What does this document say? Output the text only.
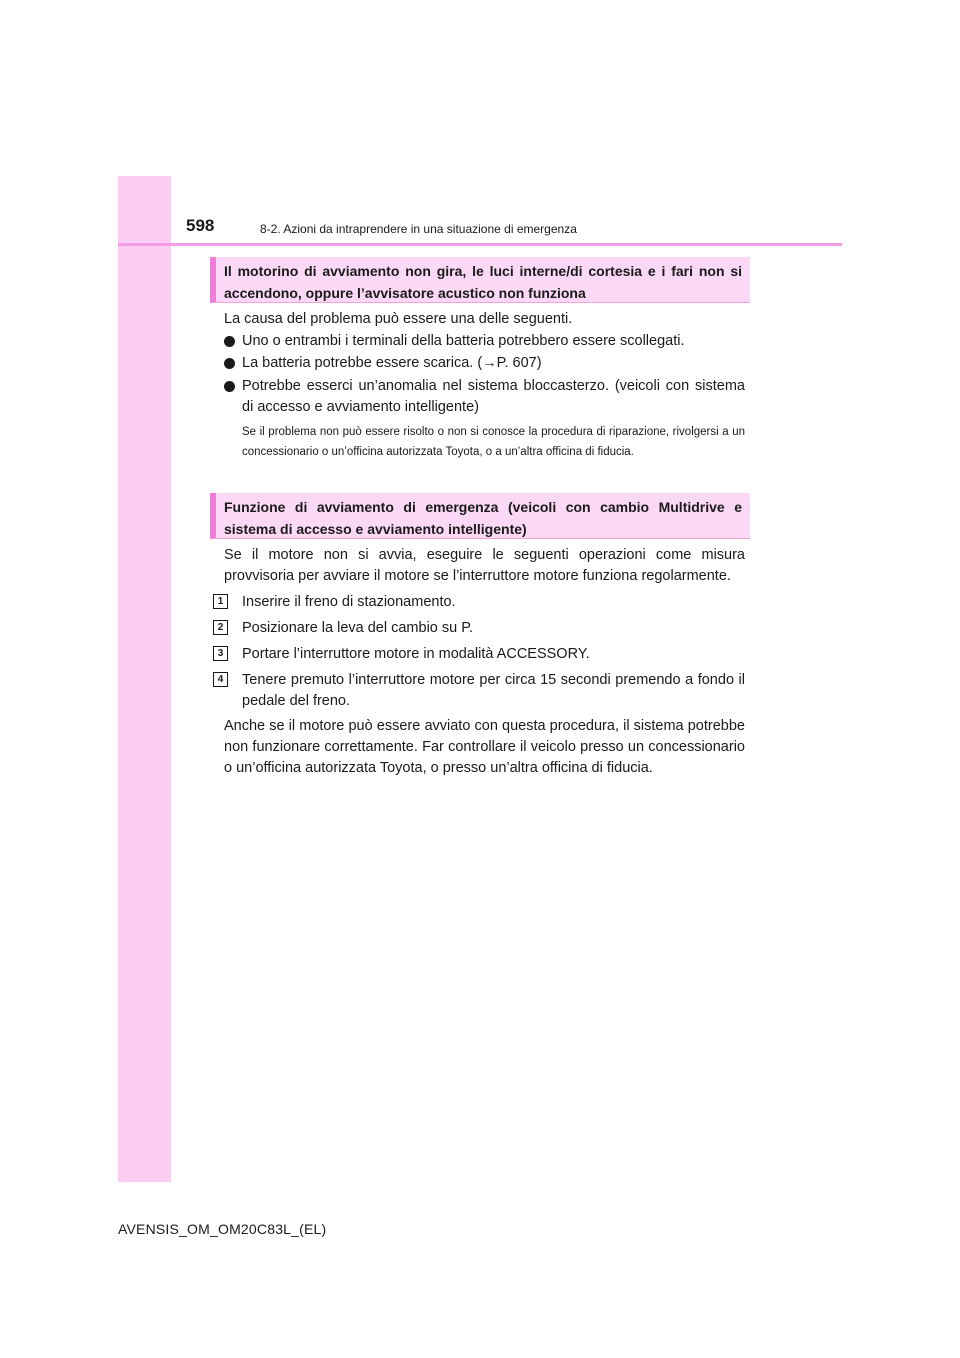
598	8-2. Azioni da intraprendere in una situazione di emergenza
Il motorino di avviamento non gira, le luci interne/di cortesia e i fari non si accendono, oppure l’avvisatore acustico non funziona
La causa del problema può essere una delle seguenti.
Uno o entrambi i terminali della batteria potrebbero essere scollegati.
La batteria potrebbe essere scarica. (→P. 607)
Potrebbe esserci un’anomalia nel sistema bloccasterzo. (veicoli con sistema di accesso e avviamento intelligente)
Se il problema non può essere risolto o non si conosce la procedura di riparazione, rivolgersi a un concessionario o un’officina autorizzata Toyota, o a un’altra officina di fiducia.
Funzione di avviamento di emergenza (veicoli con cambio Multidrive e sistema di accesso e avviamento intelligente)
Se il motore non si avvia, eseguire le seguenti operazioni come misura provvisoria per avviare il motore se l’interruttore motore funziona regolarmente.
1	Inserire il freno di stazionamento.
2	Posizionare la leva del cambio su P.
3	Portare l’interruttore motore in modalità ACCESSORY.
4	Tenere premuto l’interruttore motore per circa 15 secondi premendo a fondo il pedale del freno.
Anche se il motore può essere avviato con questa procedura, il sistema potrebbe non funzionare correttamente. Far controllare il veicolo presso un concessionario o un’officina autorizzata Toyota, o presso un’altra officina di fiducia.
AVENSIS_OM_OM20C83L_(EL)
